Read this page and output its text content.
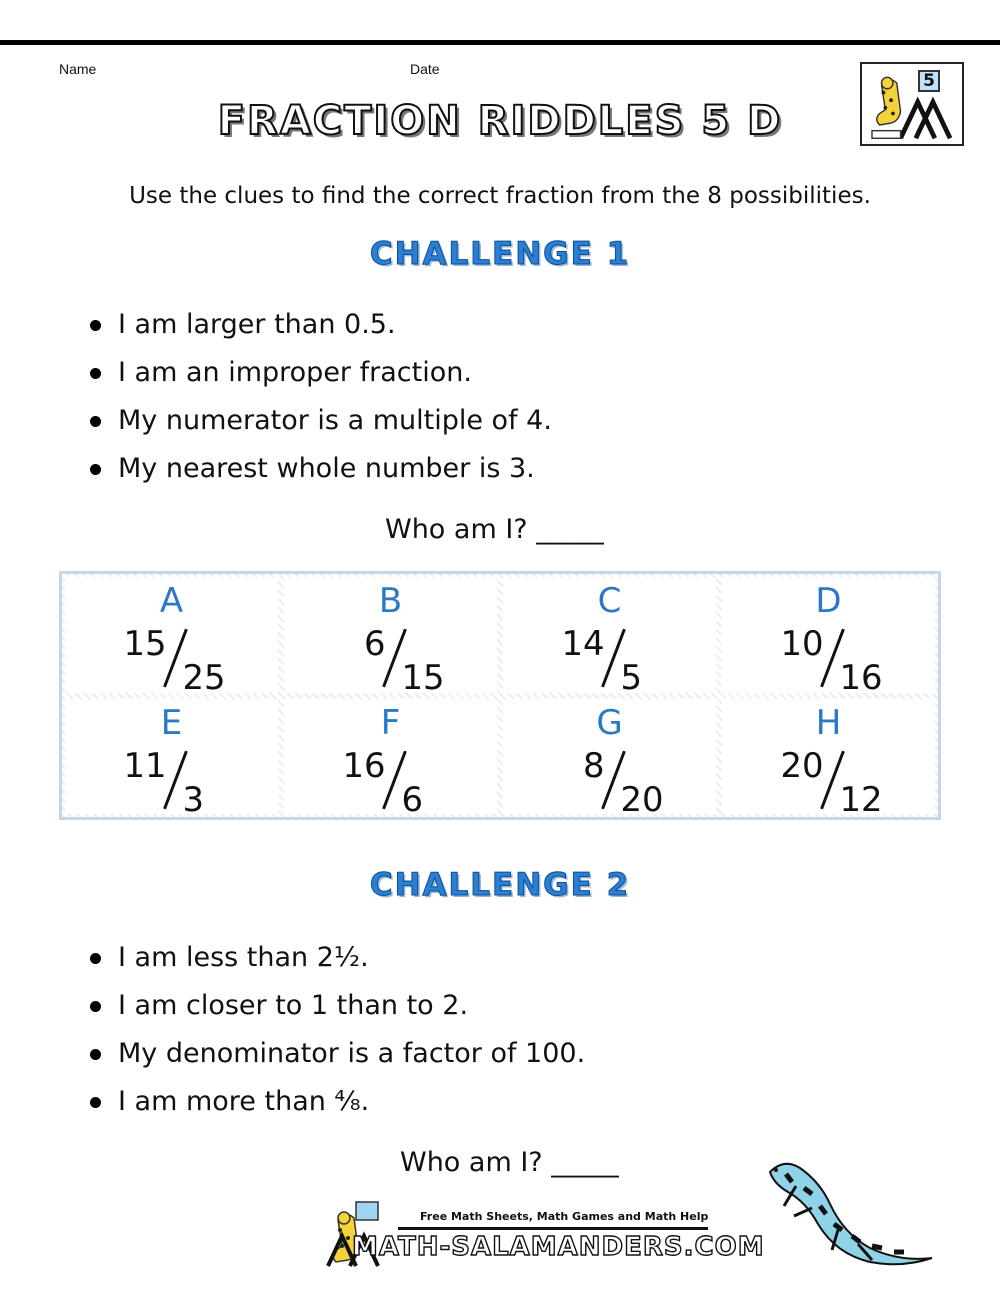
Name	Date
5
FRACTION RIDDLES 5 D
Use the clues to find the correct fraction from the 8 possibilities.
CHALLENGE 1
I am larger than 0.5.
I am an improper fraction.
My numerator is a multiple of 4.
My nearest whole number is 3.
Who am I? _____
A
15
25
B
6
15
C
14
5
D
10
16
E
11
3
F
16
6
G
8
20
H
20
12
CHALLENGE 2
I am less than 2½.
I am closer to 1 than to 2.
My denominator is a factor of 100.
I am more than ⁴⁄₈.
Who am I? _____
Free Math Sheets, Math Games and Math Help
MATH-SALAMANDERS.COM
